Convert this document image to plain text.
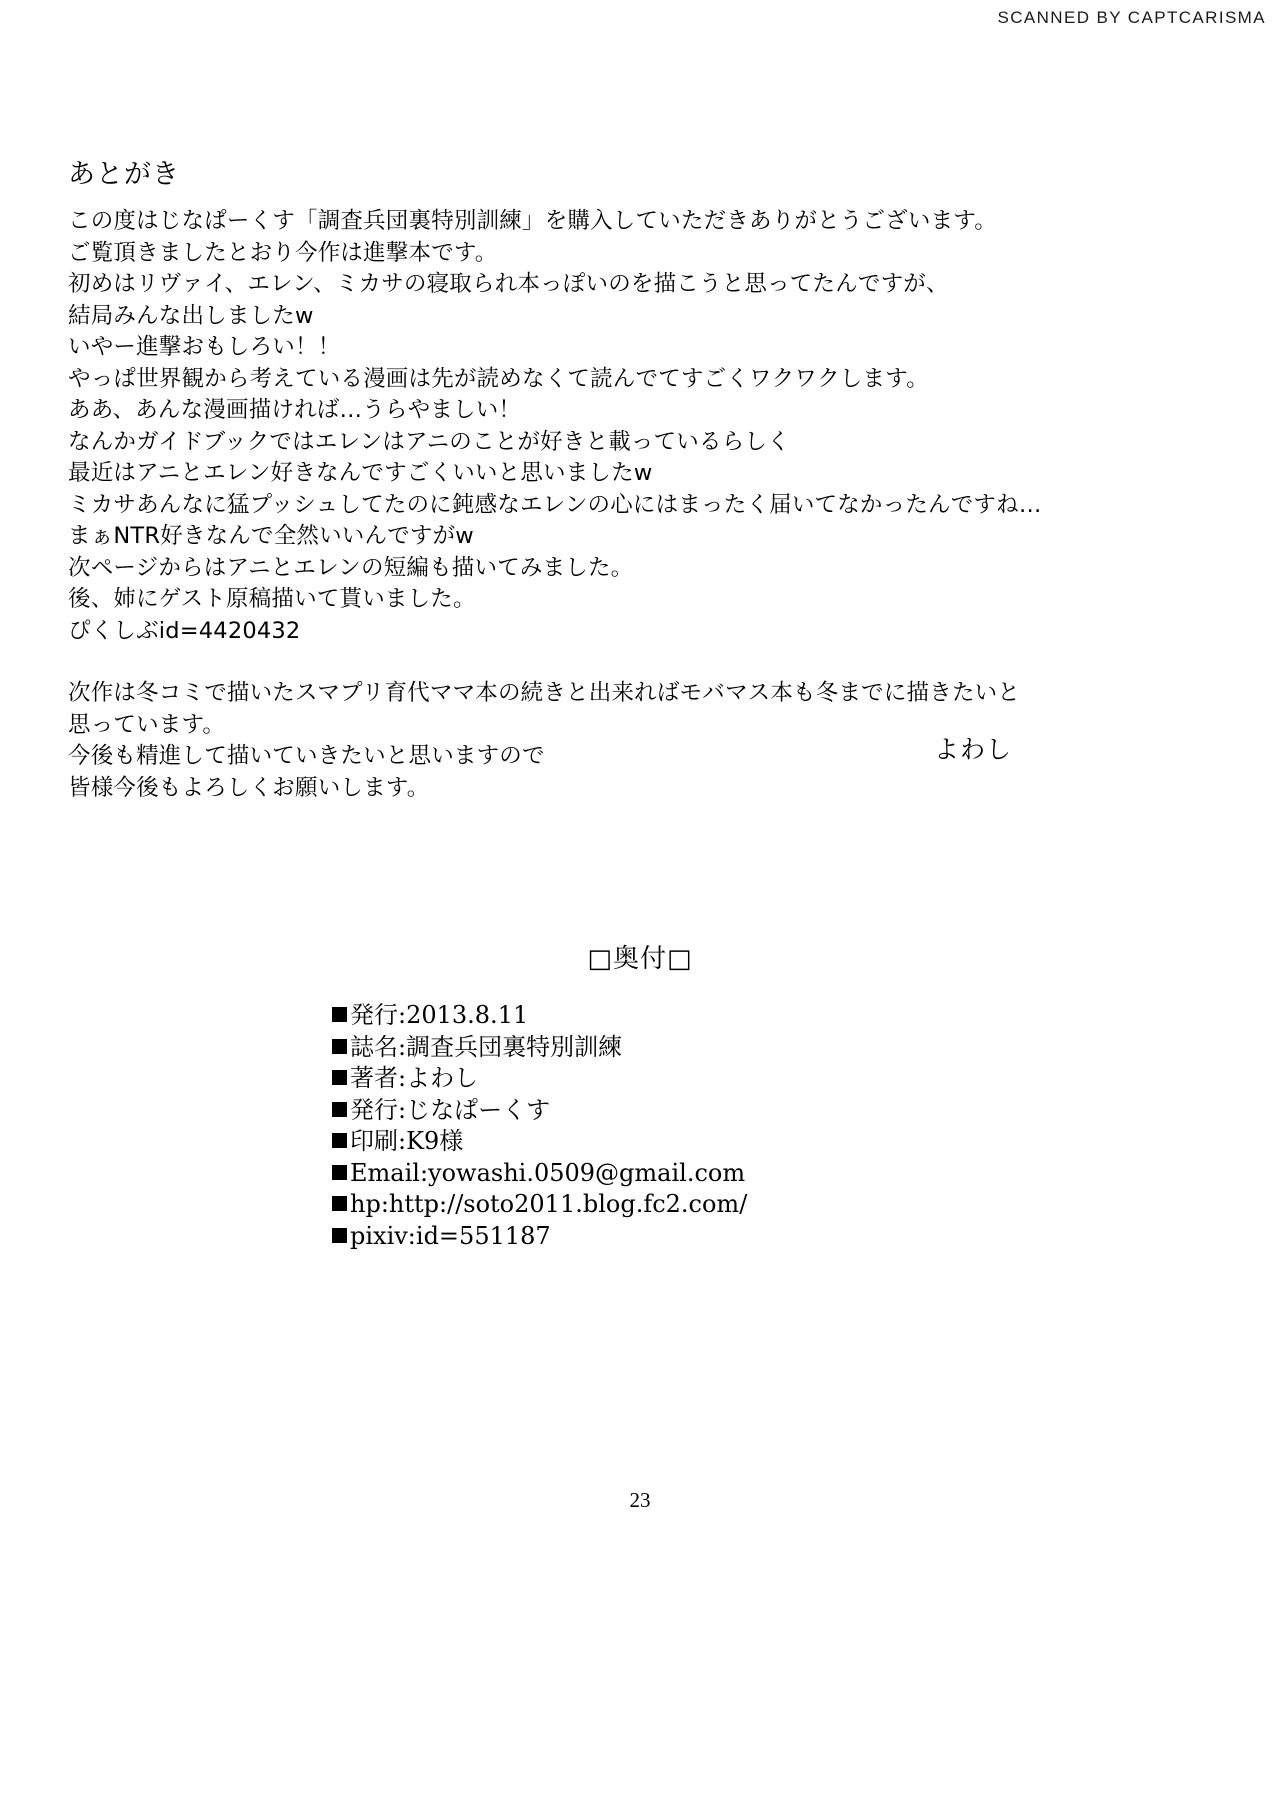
SCANNED BY CAPTCARISMA
あとがき

この度はじなぱーくす「調査兵団裏特別訓練」を購入していただきありがとうございます。

ご覧頂きましたとおり今作は進撃本です。

初めはリヴァイ、エレン、ミカサの寝取られ本っぽいのを描こうと思ってたんですが、

結局みんな出しましたw

いやー進撃おもしろい！！

やっぱ世界観から考えている漫画は先が読めなくて読んでてすごくワクワクします。

ああ、あんな漫画描ければ…うらやましい！

なんかガイドブックではエレンはアニのことが好きと載っているらしく

最近はアニとエレン好きなんですごくいいと思いましたw

ミカサあんなに猛プッシュしてたのに鈍感なエレンの心にはまったく届いてなかったんですね…

まぁNTR好きなんで全然いいんですがw

次ページからはアニとエレンの短編も描いてみました。

後、姉にゲスト原稿描いて貰いました。

ぴくしぶid=4420432

次作は冬コミで描いたスマプリ育代ママ本の続きと出来ればモバマス本も冬までに描きたいと

思っています。

今後も精進して描いていきたいと思いますので

皆様今後もよろしくお願いします。

よわし
□奥付□
発行:2013.8.11
誌名:調査兵団裏特別訓練
著者:よわし
発行:じなぱーくす
印刷:K9様
Email:yowashi.0509@gmail.com
hp:http://soto2011.blog.fc2.com/
pixiv:id=551187
23
